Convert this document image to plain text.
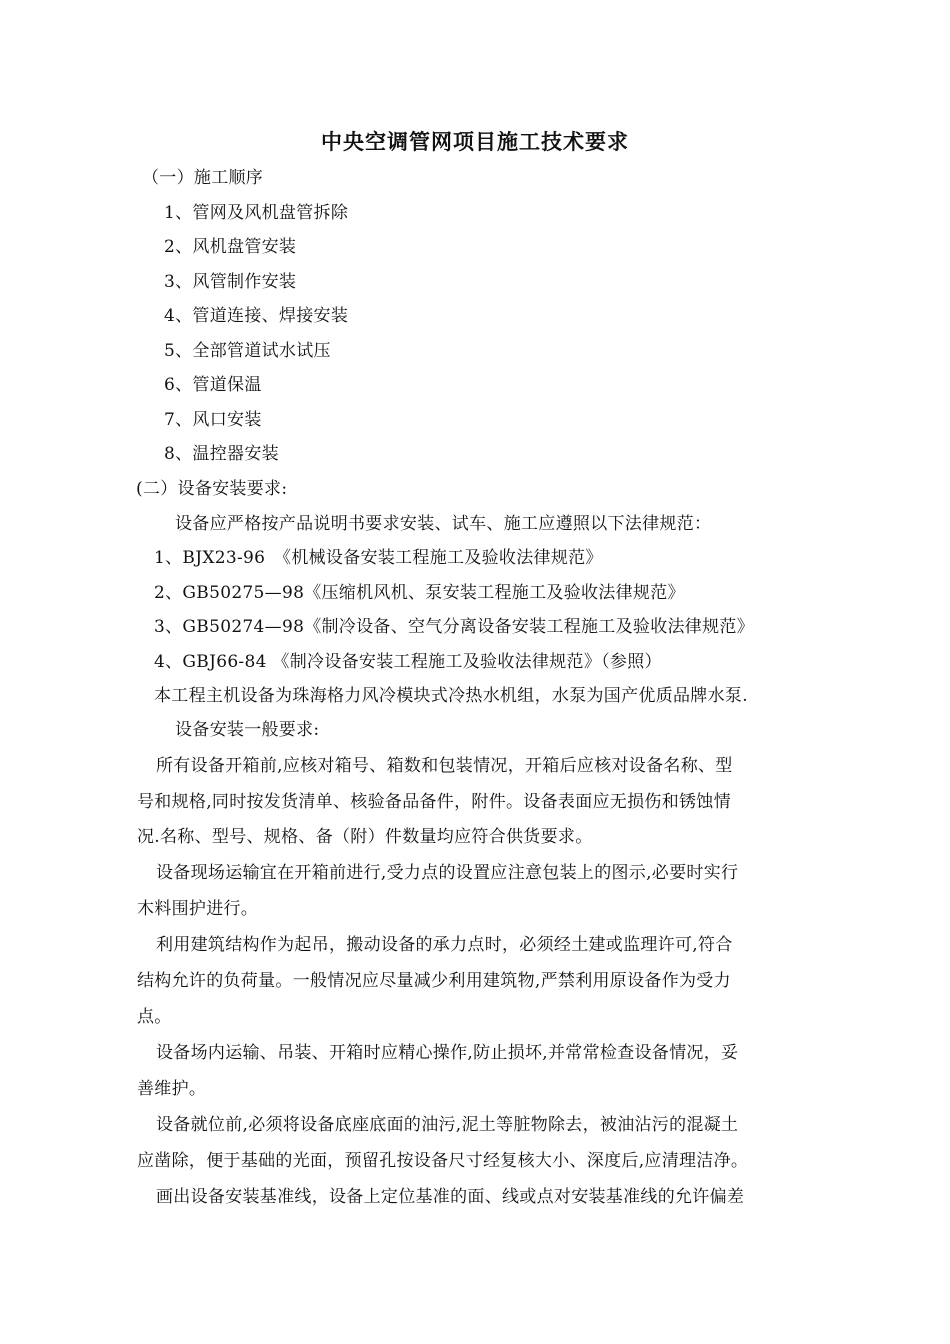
中央空调管网项目施工技术要求
（一）施工顺序
1、管网及风机盘管拆除
2、风机盘管安装
3、风管制作安装
4、管道连接、焊接安装
5、全部管道试水试压
6、管道保温
7、风口安装
8、温控器安装
(二）设备安装要求:
设备应严格按产品说明书要求安装、试车、施工应遵照以下法律规范：
1、BJX23-96　《机械设备安装工程施工及验收法律规范》
2、GB50275—98《压缩机风机、泵安装工程施工及验收法律规范》
3、GB50274—98《制冷设备、空气分离设备安装工程施工及验收法律规范》
4、GBJ66-84 《制冷设备安装工程施工及验收法律规范》（参照）
本工程主机设备为珠海格力风冷模块式冷热水机组，水泵为国产优质品牌水泵.
设备安装一般要求:
所有设备开箱前,应核对箱号、箱数和包装情况，开箱后应核对设备名称、型
号和规格,同时按发货清单、核验备品备件，附件。设备表面应无损伤和锈蚀情
况.名称、型号、规格、备（附）件数量均应符合供货要求。
设备现场运输宜在开箱前进行,受力点的设置应注意包装上的图示,必要时实行
木料围护进行。
利用建筑结构作为起吊，搬动设备的承力点时，必须经土建或监理许可,符合
结构允许的负荷量。一般情况应尽量减少利用建筑物,严禁利用原设备作为受力
点。
设备场内运输、吊装、开箱时应精心操作,防止损坏,并常常检查设备情况，妥
善维护。
设备就位前,必须将设备底座底面的油污,泥土等脏物除去，被油沾污的混凝土
应凿除，便于基础的光面，预留孔按设备尺寸经复核大小、深度后,应清理洁净。
画出设备安装基准线，设备上定位基准的面、线或点对安装基准线的允许偏差
